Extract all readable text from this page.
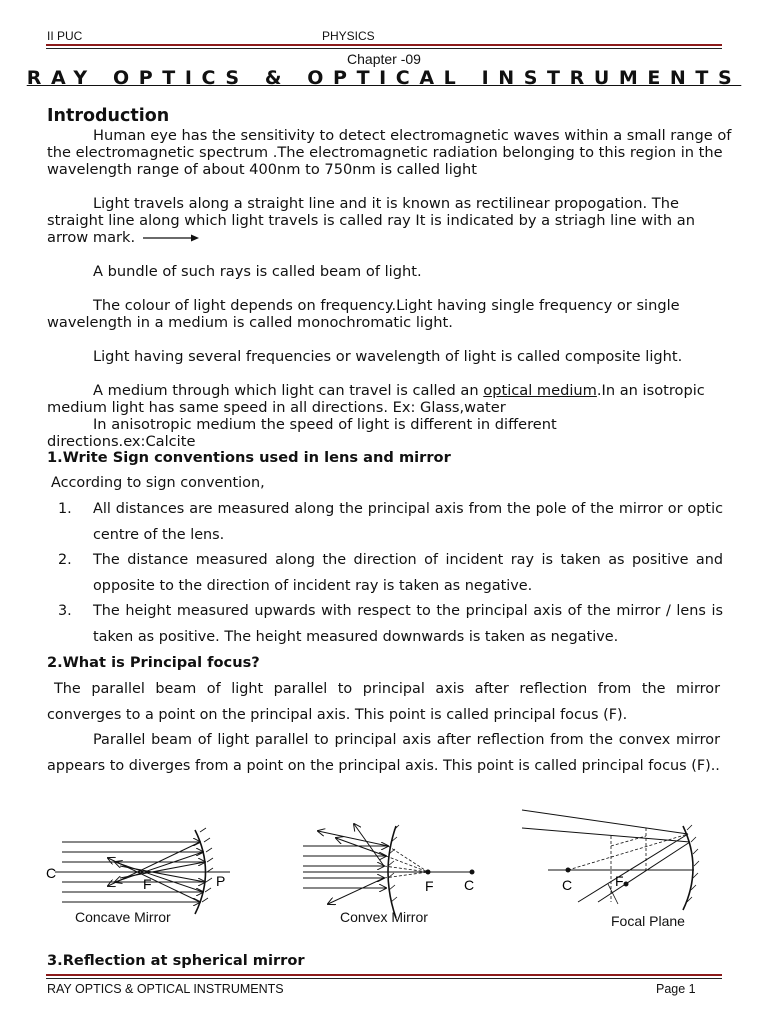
II PUC	PHYSICS
Chapter -09
RAY OPTICS & OPTICAL INSTRUMENTS
Introduction

Human eye has the sensitivity to detect electromagnetic waves within a small range of the electromagnetic spectrum .The electromagnetic radiation belonging to this region in the wavelength range of about 400nm to 750nm is called light

Light travels along a straight line and it is known as rectilinear propogation. The straight line along which light travels is called ray It is indicated by a striagh line with an arrow mark.

A bundle of such rays is called beam of light.

The colour of light depends on frequency.Light having single frequency or single wavelength in a medium is called monochromatic light.

Light having several frequencies or wavelength of light is called composite light.

A medium through which light can travel is called an optical medium.In an isotropic medium light has same speed in all directions. Ex: Glass,water

In anisotropic medium the speed of light is different in different directions.ex:Calcite

1.Write Sign conventions used in lens and mirror
According to sign convention,
1. All distances are measured along the principal axis from the pole of the mirror or optic centre of the lens.
2. The distance measured along the direction of incident ray is taken as positive and opposite to the direction of incident ray is taken as negative.
3. The height measured upwards with respect to the principal axis of the mirror / lens is taken as positive. The height measured downwards is taken as negative.
2.What is Principal focus?

The parallel beam of light parallel to principal axis after reflection from the mirror converges to a point on the principal axis. This point is called principal focus (F).

Parallel beam of light parallel to principal axis after reflection from the convex mirror appears to diverges from a point on the principal axis. This point is called principal focus (F)..

C
F	P
Concave Mirror
F C
Convex Mirror
C	F
Focal Plane
3.Reflection at spherical mirror
RAY OPTICS & OPTICAL INSTRUMENTS	Page 1
